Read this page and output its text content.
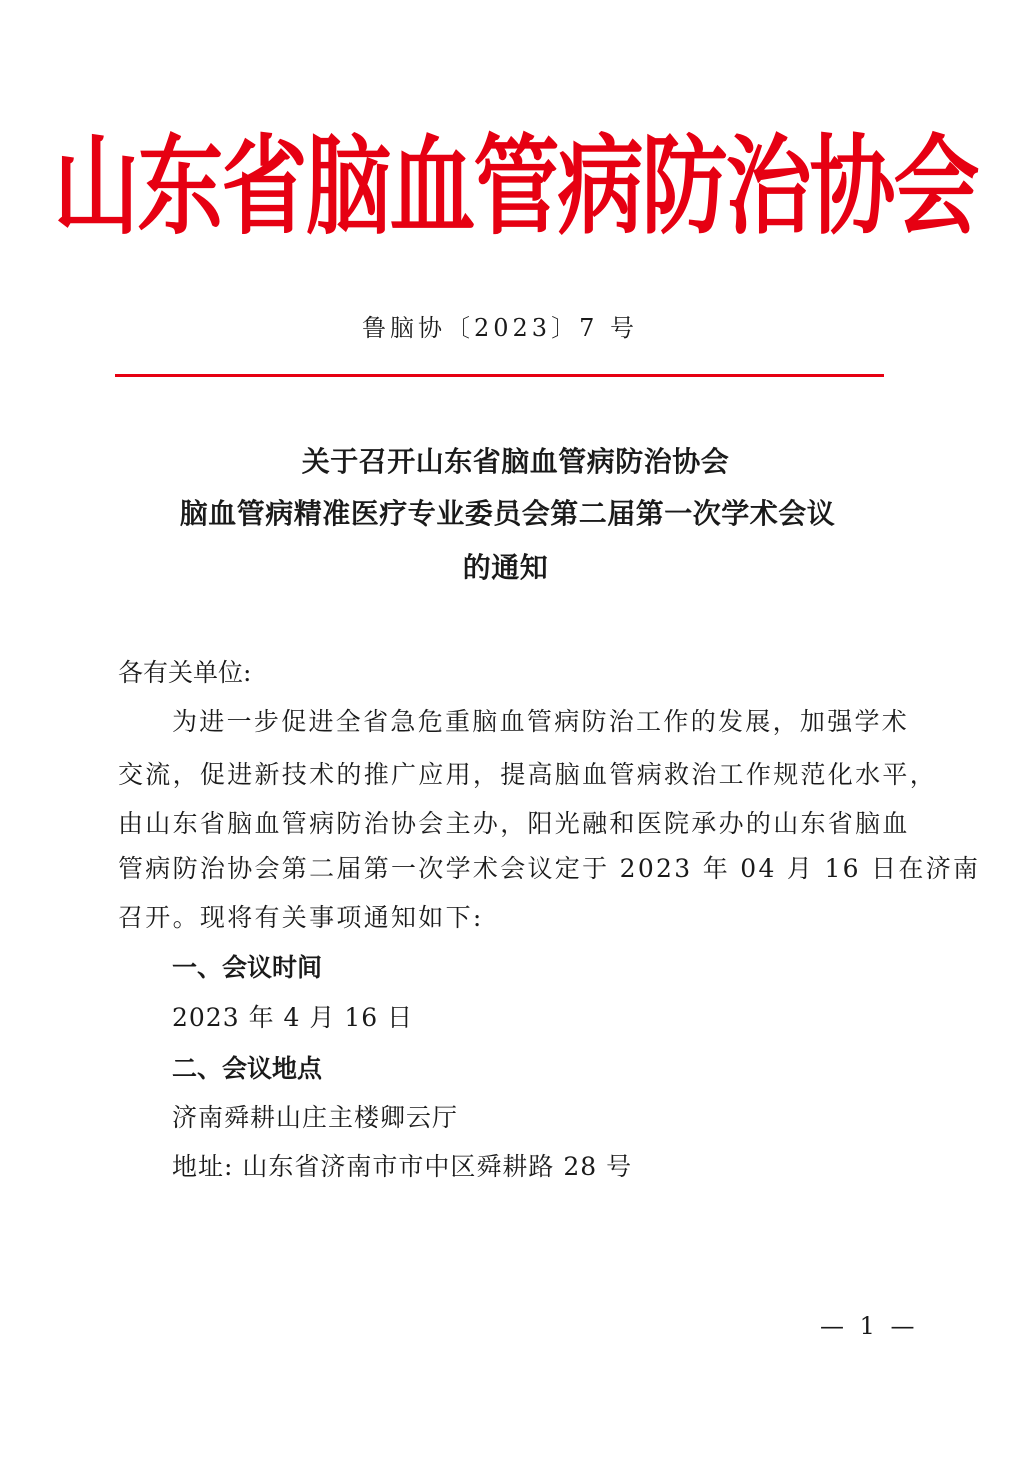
山东省脑血管病防治协会
鲁脑协〔2023〕7 号
关于召开山东省脑血管病防治协会
脑血管病精准医疗专业委员会第二届第一次学术会议
的通知
各有关单位:
为进一步促进全省急危重脑血管病防治工作的发展，加强学术
交流，促进新技术的推广应用，提高脑血管病救治工作规范化水平，
由山东省脑血管病防治协会主办，阳光融和医院承办的山东省脑血
管病防治协会第二届第一次学术会议定于 2023 年 04 月 16 日在济南
召开。现将有关事项通知如下:
一、会议时间
2023 年 4 月 16 日
二、会议地点
济南舜耕山庄主楼卿云厅
地址: 山东省济南市市中区舜耕路 28 号
— 1 —
